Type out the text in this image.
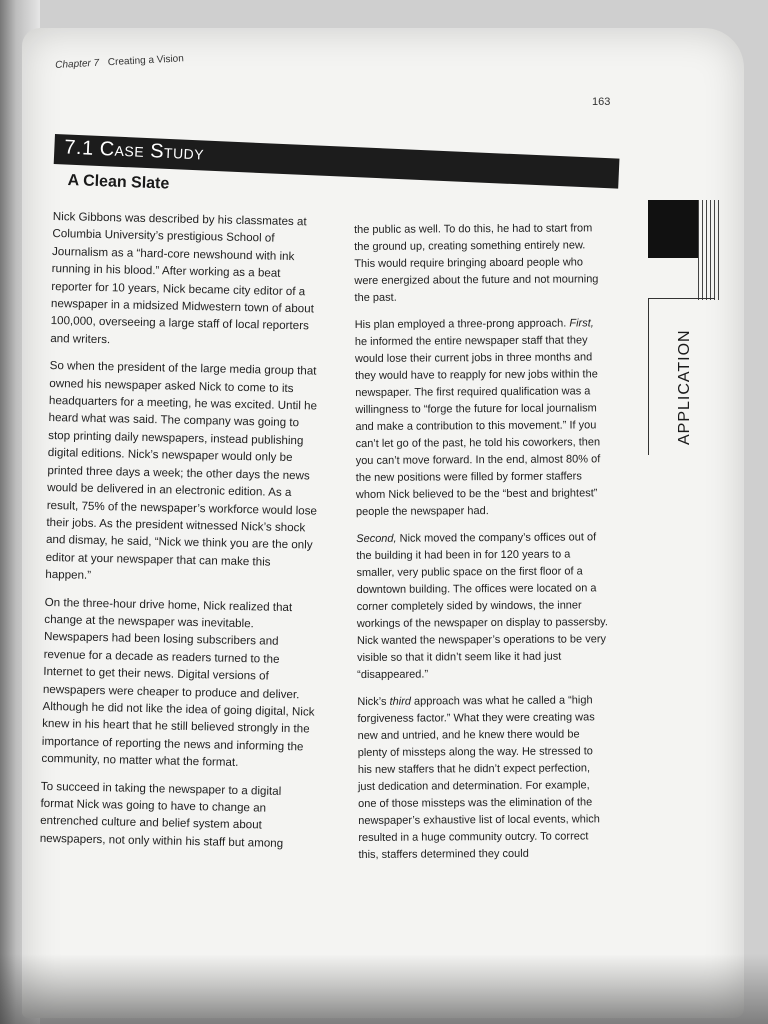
Chapter 7 Creating a Vision
163
7.1 Case Study
A Clean Slate

Nick Gibbons was described by his classmates at Columbia University’s prestigious School of Journalism as a “hard-core newshound with ink running in his blood.” After working as a beat reporter for 10 years, Nick became city editor of a newspaper in a midsized Midwestern town of about 100,000, overseeing a large staff of local reporters and writers.

So when the president of the large media group that owned his newspaper asked Nick to come to its headquarters for a meeting, he was excited. Until he heard what was said. The company was going to stop printing daily newspapers, instead publishing digital editions. Nick’s newspaper would only be printed three days a week; the other days the news would be delivered in an electronic edition. As a result, 75% of the newspaper’s workforce would lose their jobs. As the president witnessed Nick’s shock and dismay, he said, “Nick we think you are the only editor at your newspaper that can make this happen.”

On the three-hour drive home, Nick realized that change at the newspaper was inevitable. Newspapers had been losing subscribers and revenue for a decade as readers turned to the Internet to get their news. Digital versions of newspapers were cheaper to produce and deliver. Although he did not like the idea of going digital, Nick knew in his heart that he still believed strongly in the importance of reporting the news and informing the community, no matter what the format.

To succeed in taking the newspaper to a digital format Nick was going to have to change an entrenched culture and belief system about newspapers, not only within his staff but among

the public as well. To do this, he had to start from the ground up, creating something entirely new. This would require bringing aboard people who were energized about the future and not mourning the past.

His plan employed a three-prong approach. First, he informed the entire newspaper staff that they would lose their current jobs in three months and they would have to reapply for new jobs within the newspaper. The first required qualification was a willingness to “forge the future for local journalism and make a contribution to this movement.” If you can’t let go of the past, he told his coworkers, then you can’t move forward. In the end, almost 80% of the new positions were filled by former staffers whom Nick believed to be the “best and brightest” people the newspaper had.

Second, Nick moved the company’s offices out of the building it had been in for 120 years to a smaller, very public space on the first floor of a downtown building. The offices were located on a corner completely sided by windows, the inner workings of the newspaper on display to passersby. Nick wanted the newspaper’s operations to be very visible so that it didn’t seem like it had just “disappeared.”

Nick’s third approach was what he called a “high forgiveness factor.” What they were creating was new and untried, and he knew there would be plenty of missteps along the way. He stressed to his new staffers that he didn’t expect perfection, just dedication and determination. For example, one of those missteps was the elimination of the newspaper’s exhaustive list of local events, which resulted in a huge community outcry. To correct this, staffers determined they could

APPLICATION
